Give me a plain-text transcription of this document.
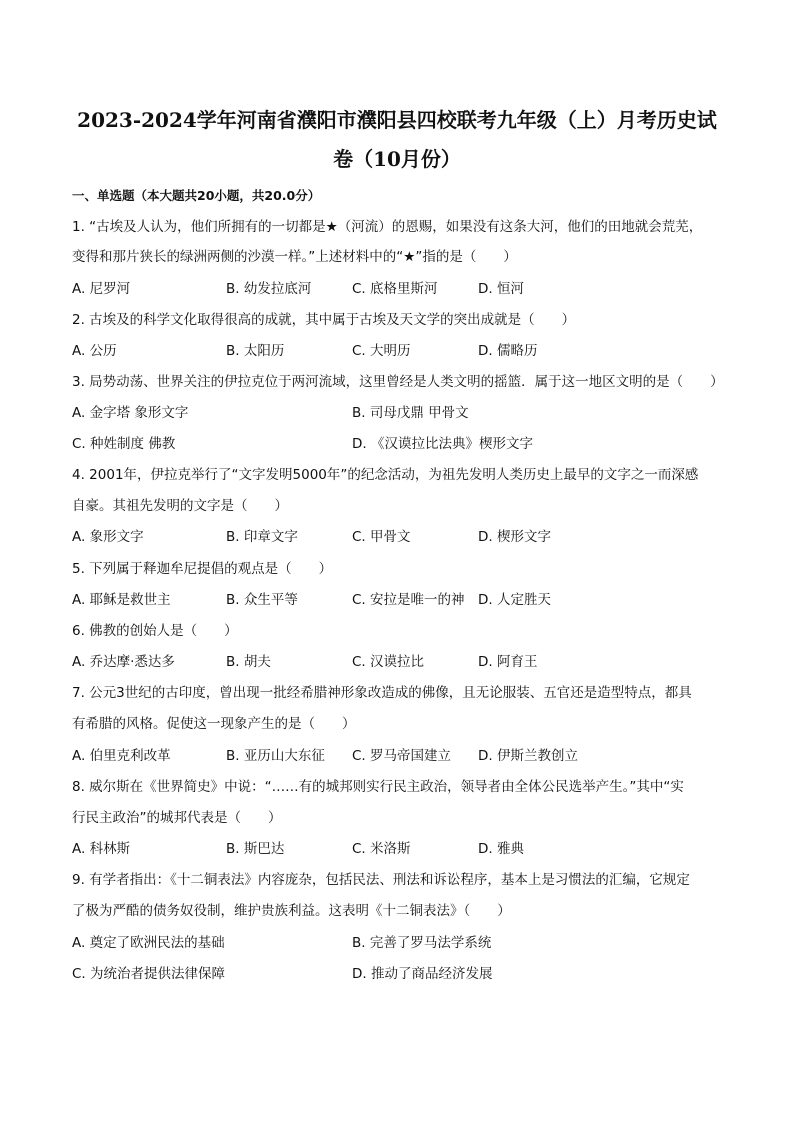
2023-2024学年河南省濮阳市濮阳县四校联考九年级（上）月考历史试
卷（10月份）
一、单选题（本大题共20小题，共20.0分）
1. “古埃及人认为，他们所拥有的一切都是★（河流）的恩赐，如果没有这条大河，他们的田地就会荒芜，
变得和那片狭长的绿洲两侧的沙漠一样。”上述材料中的“★”指的是（　　）
A. 尼罗河	B. 幼发拉底河	C. 底格里斯河	D. 恒河
2. 古埃及的科学文化取得很高的成就，其中属于古埃及天文学的突出成就是（　　）
A. 公历	B. 太阳历	C. 大明历	D. 儒略历
3. 局势动荡、世界关注的伊拉克位于两河流域，这里曾经是人类文明的摇篮．属于这一地区文明的是（　　）
A. 金字塔 象形文字	B. 司母戊鼎 甲骨文
C. 种姓制度 佛教	D. 《汉谟拉比法典》楔形文字
4. 2001年，伊拉克举行了“文字发明5000年”的纪念活动，为祖先发明人类历史上最早的文字之一而深感
自豪。其祖先发明的文字是（　　）
A. 象形文字	B. 印章文字	C. 甲骨文	D. 楔形文字
5. 下列属于释迦牟尼提倡的观点是（　　）
A. 耶稣是救世主	B. 众生平等	C. 安拉是唯一的神 D. 人定胜天
6. 佛教的创始人是（　　）
A. 乔达摩·悉达多	B. 胡夫	C. 汉谟拉比	D. 阿育王
7. 公元3世纪的古印度，曾出现一批经希腊神形象改造成的佛像，且无论服装、五官还是造型特点，都具
有希腊的风格。促使这一现象产生的是（　　）
A. 伯里克利改革	B. 亚历山大东征 C. 罗马帝国建立 D. 伊斯兰教创立
8. 威尔斯在《世界简史》中说：“……有的城邦则实行民主政治，领导者由全体公民选举产生。”其中“实
行民主政治”的城邦代表是（　　）
A. 科林斯	B. 斯巴达	C. 米洛斯	D. 雅典
9. 有学者指出：《十二铜表法》内容庞杂，包括民法、刑法和诉讼程序，基本上是习惯法的汇编，它规定
了极为严酷的债务奴役制，维护贵族利益。这表明《十二铜表法》（　　）
A. 奠定了欧洲民法的基础	B. 完善了罗马法学系统
C. 为统治者提供法律保障	D. 推动了商品经济发展
